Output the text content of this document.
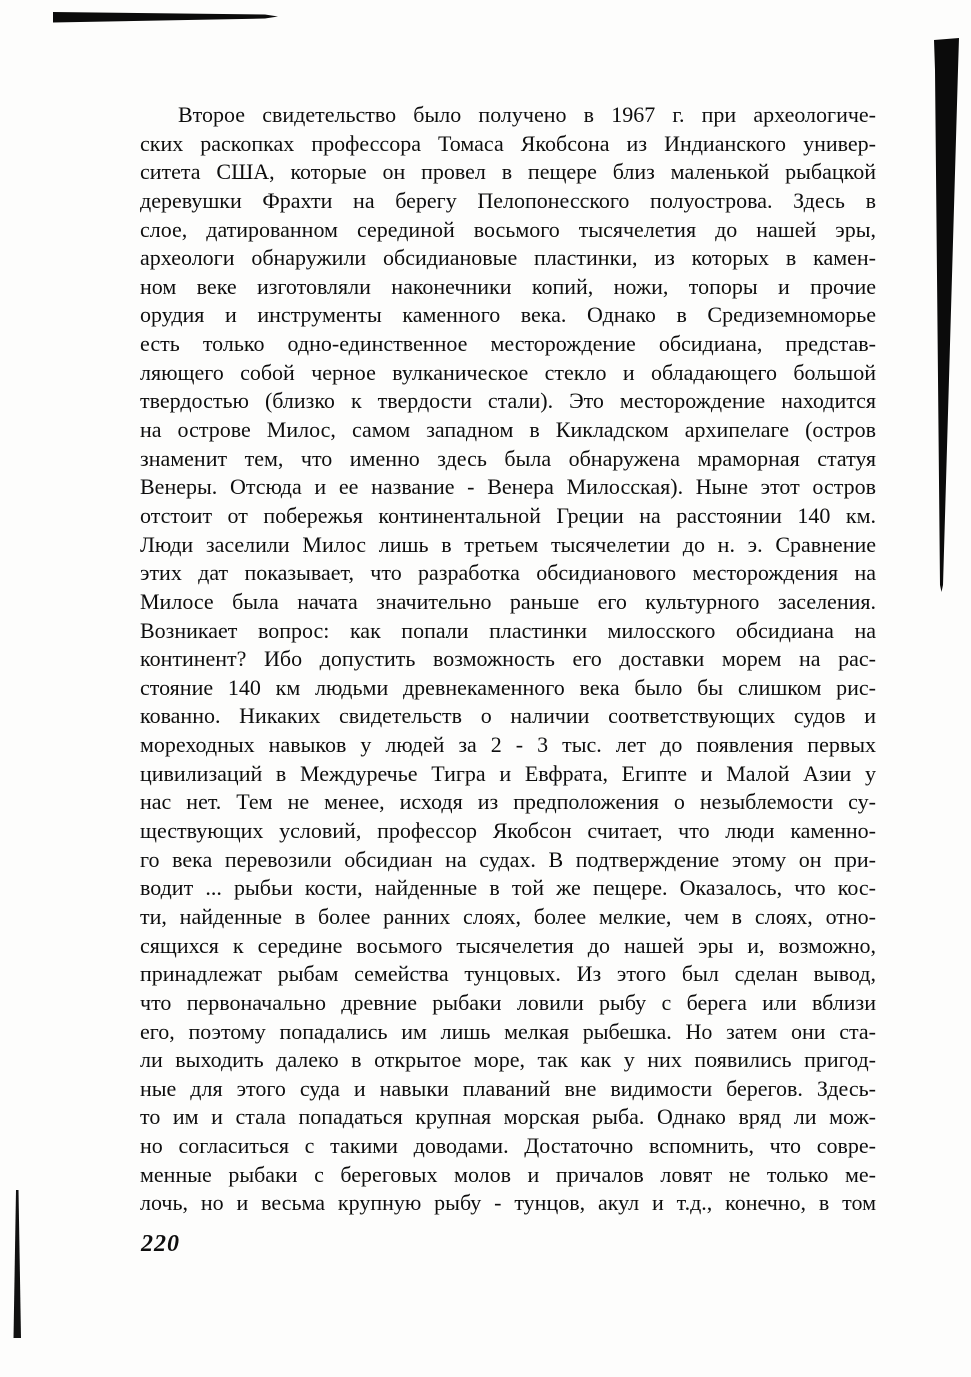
Второе свидетельство было получено в 1967 г. при археологиче-
ских раскопках профессора Томаса Якобсона из Индианского универ-
ситета США, которые он провел в пещере близ маленькой рыбацкой
деревушки Фрахти на берегу Пелопонесского полуострова. Здесь в
слое, датированном серединой восьмого тысячелетия до нашей эры,
археологи обнаружили обсидиановые пластинки, из которых в камен-
ном веке изготовляли наконечники копий, ножи, топоры и прочие
орудия и инструменты каменного века. Однако в Средиземноморье
есть только одно-единственное месторождение обсидиана, представ-
ляющего собой черное вулканическое стекло и обладающего большой
твердостью (близко к твердости стали). Это месторождение находится
на острове Милос, самом западном в Кикладском архипелаге (остров
знаменит тем, что именно здесь была обнаружена мраморная статуя
Венеры. Отсюда и ее название - Венера Милосская). Ныне этот остров
отстоит от побережья континентальной Греции на расстоянии 140 км.
Люди заселили Милос лишь в третьем тысячелетии до н. э. Сравнение
этих дат показывает, что разработка обсидианового месторождения на
Милосе была начата значительно раньше его культурного заселения.
Возникает вопрос: как попали пластинки милосского обсидиана на
континент? Ибо допустить возможность его доставки морем на рас-
стояние 140 км людьми древнекаменного века было бы слишком рис-
кованно. Никаких свидетельств о наличии соответствующих судов и
мореходных навыков у людей за 2 - 3 тыс. лет до появления первых
цивилизаций в Междуречье Тигра и Евфрата, Египте и Малой Азии у
нас нет. Тем не менее, исходя из предположения о незыблемости су-
ществующих условий, профессор Якобсон считает, что люди каменно-
го века перевозили обсидиан на судах. В подтверждение этому он при-
водит ... рыбьи кости, найденные в той же пещере. Оказалось, что кос-
ти, найденные в более ранних слоях, более мелкие, чем в слоях, отно-
сящихся к середине восьмого тысячелетия до нашей эры и, возможно,
принадлежат рыбам семейства тунцовых. Из этого был сделан вывод,
что первоначально древние рыбаки ловили рыбу с берега или вблизи
его, поэтому попадались им лишь мелкая рыбешка. Но затем они ста-
ли выходить далеко в открытое море, так как у них появились пригод-
ные для этого суда и навыки плаваний вне видимости берегов. Здесь-
то им и стала попадаться крупная морская рыба. Однако вряд ли мож-
но согласиться с такими доводами. Достаточно вспомнить, что совре-
менные рыбаки с береговых молов и причалов ловят не только ме-
лочь, но и весьма крупную рыбу - тунцов, акул и т.д., конечно, в том
220
